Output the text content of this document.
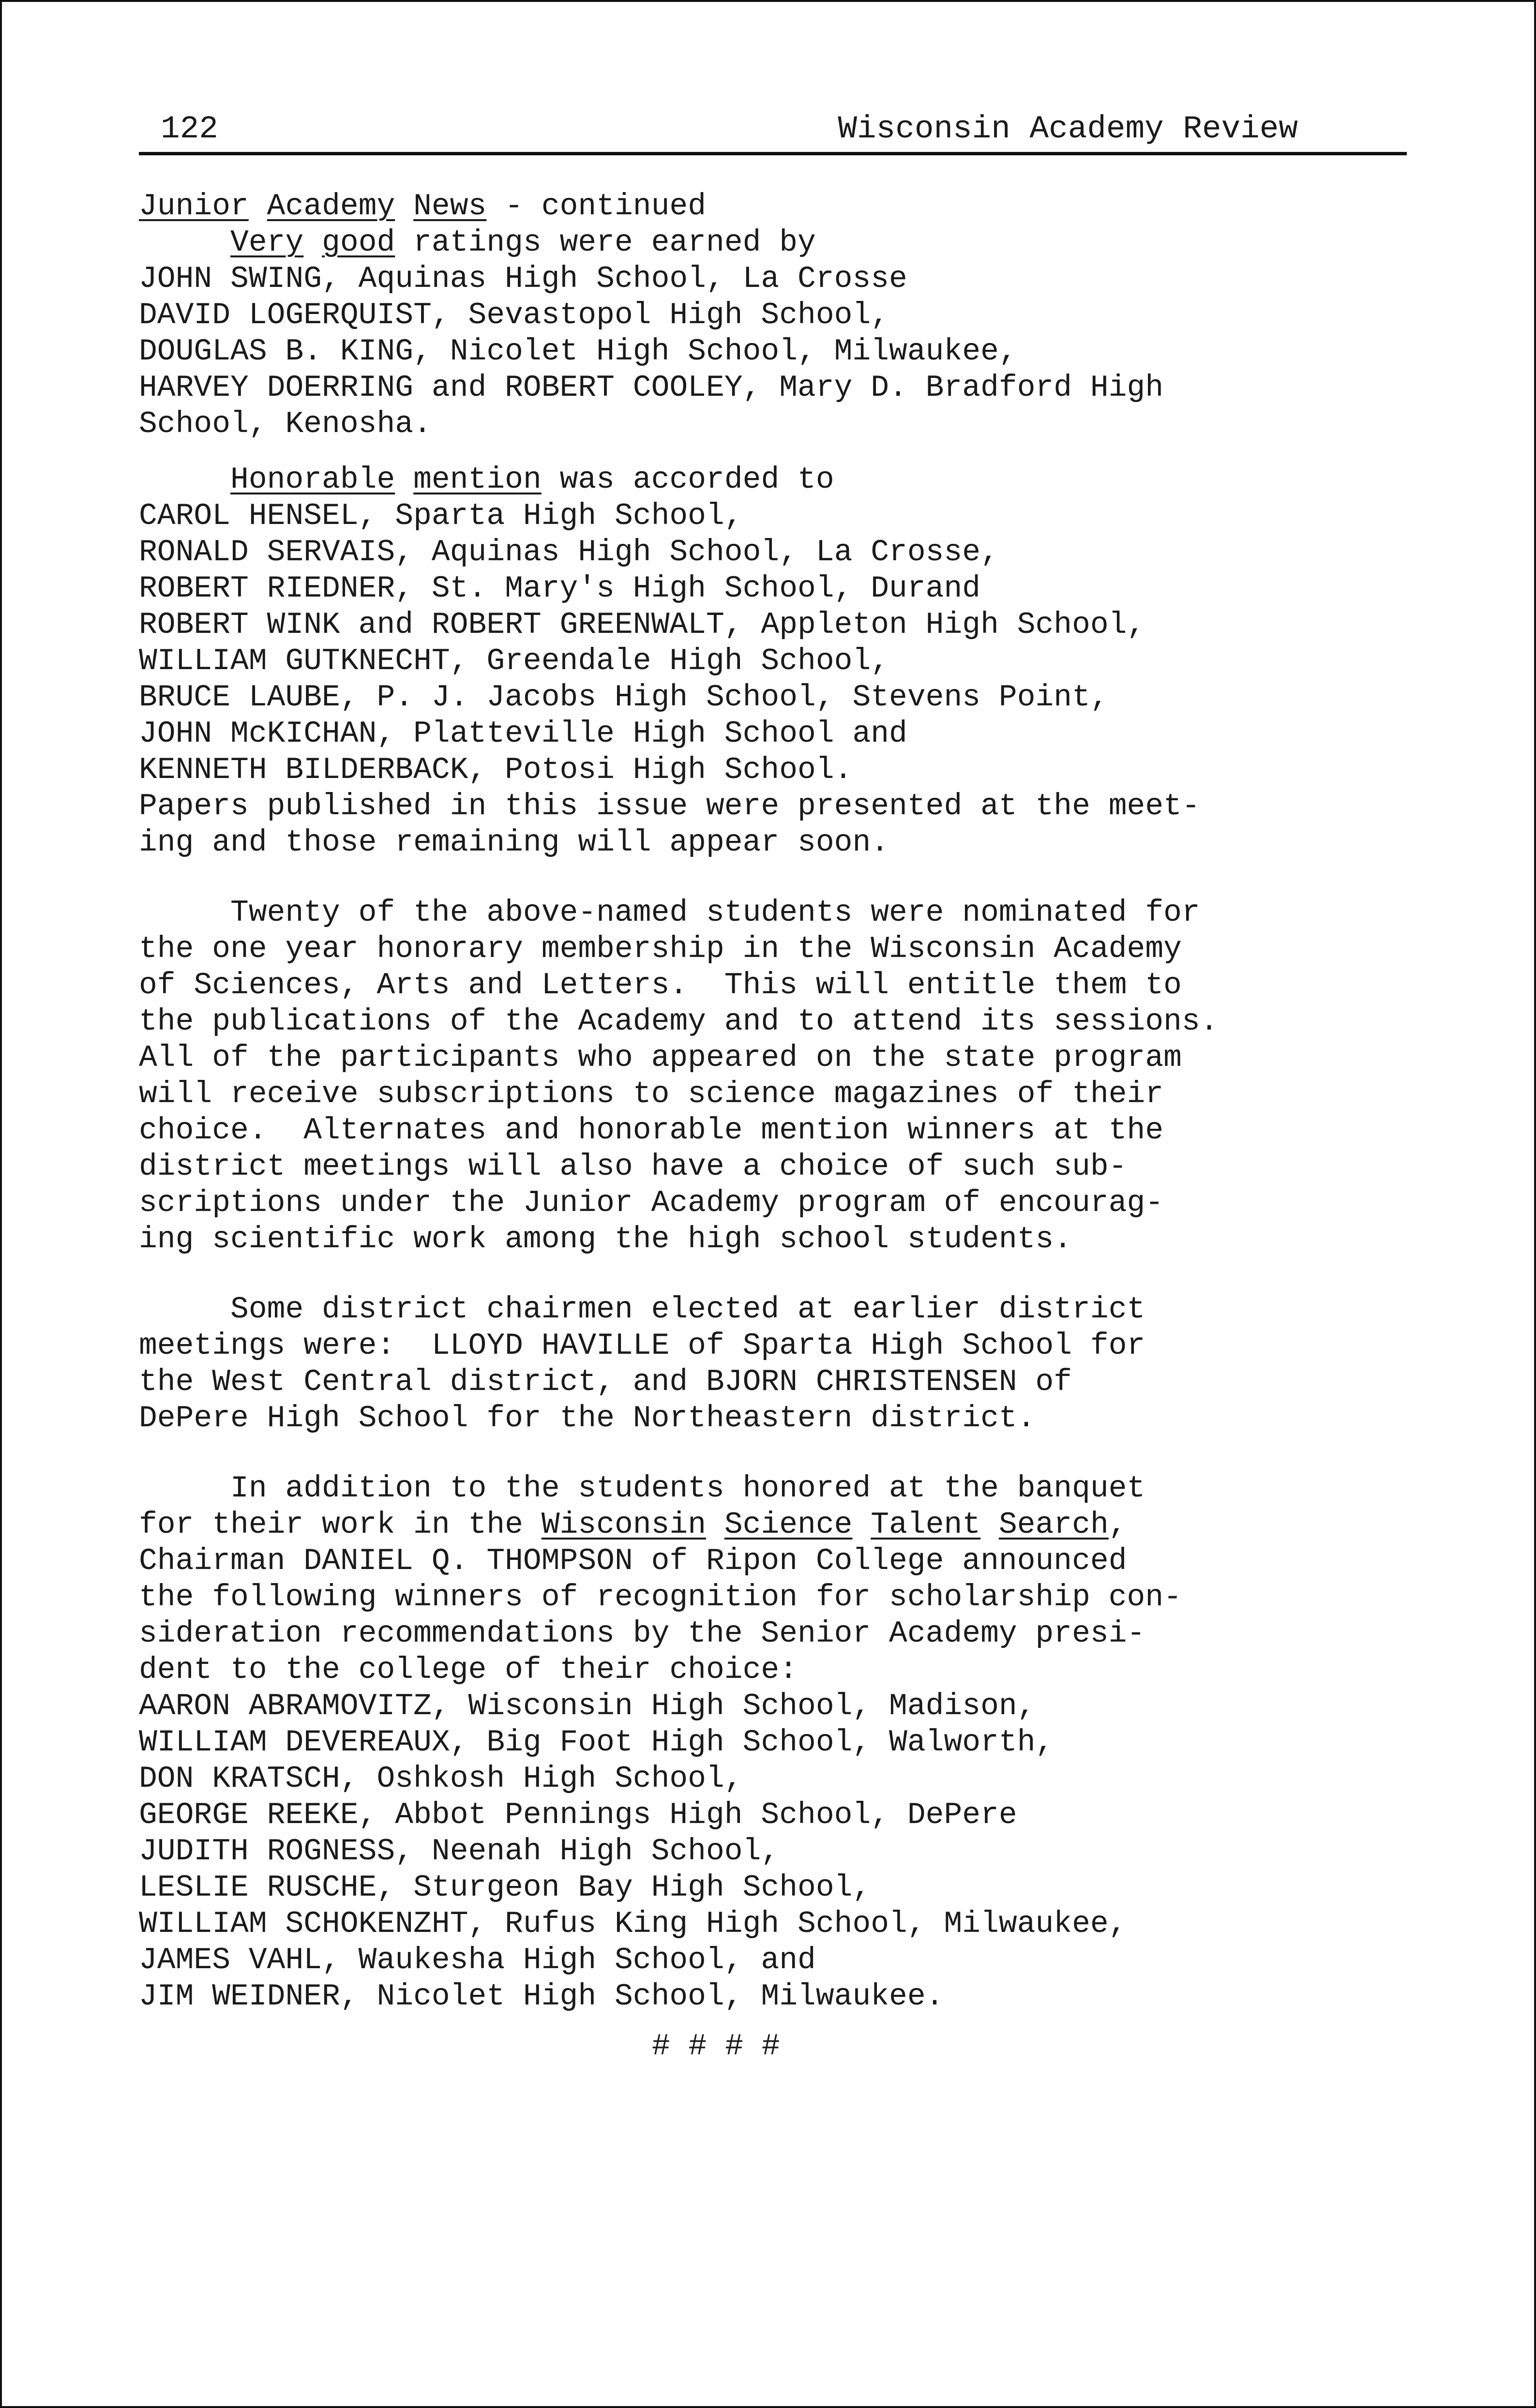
122	Wisconsin Academy Review
Junior Academy News - continued
Very good ratings were earned by
JOHN SWING, Aquinas High School, La Crosse
DAVID LOGERQUIST, Sevastopol High School,
DOUGLAS B. KING, Nicolet High School, Milwaukee,
HARVEY DOERRING and ROBERT COOLEY, Mary D. Bradford High
School, Kenosha.
Honorable mention was accorded to
CAROL HENSEL, Sparta High School,
RONALD SERVAIS, Aquinas High School, La Crosse,
ROBERT RIEDNER, St. Mary's High School, Durand
ROBERT WINK and ROBERT GREENWALT, Appleton High School,
WILLIAM GUTKNECHT, Greendale High School,
BRUCE LAUBE, P. J. Jacobs High School, Stevens Point,
JOHN McKICHAN, Platteville High School and
KENNETH BILDERBACK, Potosi High School.
Papers published in this issue were presented at the meet-
ing and those remaining will appear soon.
Twenty of the above-named students were nominated for
the one year honorary membership in the Wisconsin Academy
of Sciences, Arts and Letters.  This will entitle them to
the publications of the Academy and to attend its sessions.
All of the participants who appeared on the state program
will receive subscriptions to science magazines of their
choice.  Alternates and honorable mention winners at the
district meetings will also have a choice of such sub-
scriptions under the Junior Academy program of encourag-
ing scientific work among the high school students.
Some district chairmen elected at earlier district
meetings were:  LLOYD HAVILLE of Sparta High School for
the West Central district, and BJORN CHRISTENSEN of
DePere High School for the Northeastern district.
In addition to the students honored at the banquet
for their work in the Wisconsin Science Talent Search,
Chairman DANIEL Q. THOMPSON of Ripon College announced
the following winners of recognition for scholarship con-
sideration recommendations by the Senior Academy presi-
dent to the college of their choice:
AARON ABRAMOVITZ, Wisconsin High School, Madison,
WILLIAM DEVEREAUX, Big Foot High School, Walworth,
DON KRATSCH, Oshkosh High School,
GEORGE REEKE, Abbot Pennings High School, DePere
JUDITH ROGNESS, Neenah High School,
LESLIE RUSCHE, Sturgeon Bay High School,
WILLIAM SCHOKENZHT, Rufus King High School, Milwaukee,
JAMES VAHL, Waukesha High School, and
JIM WEIDNER, Nicolet High School, Milwaukee.
# # # #
